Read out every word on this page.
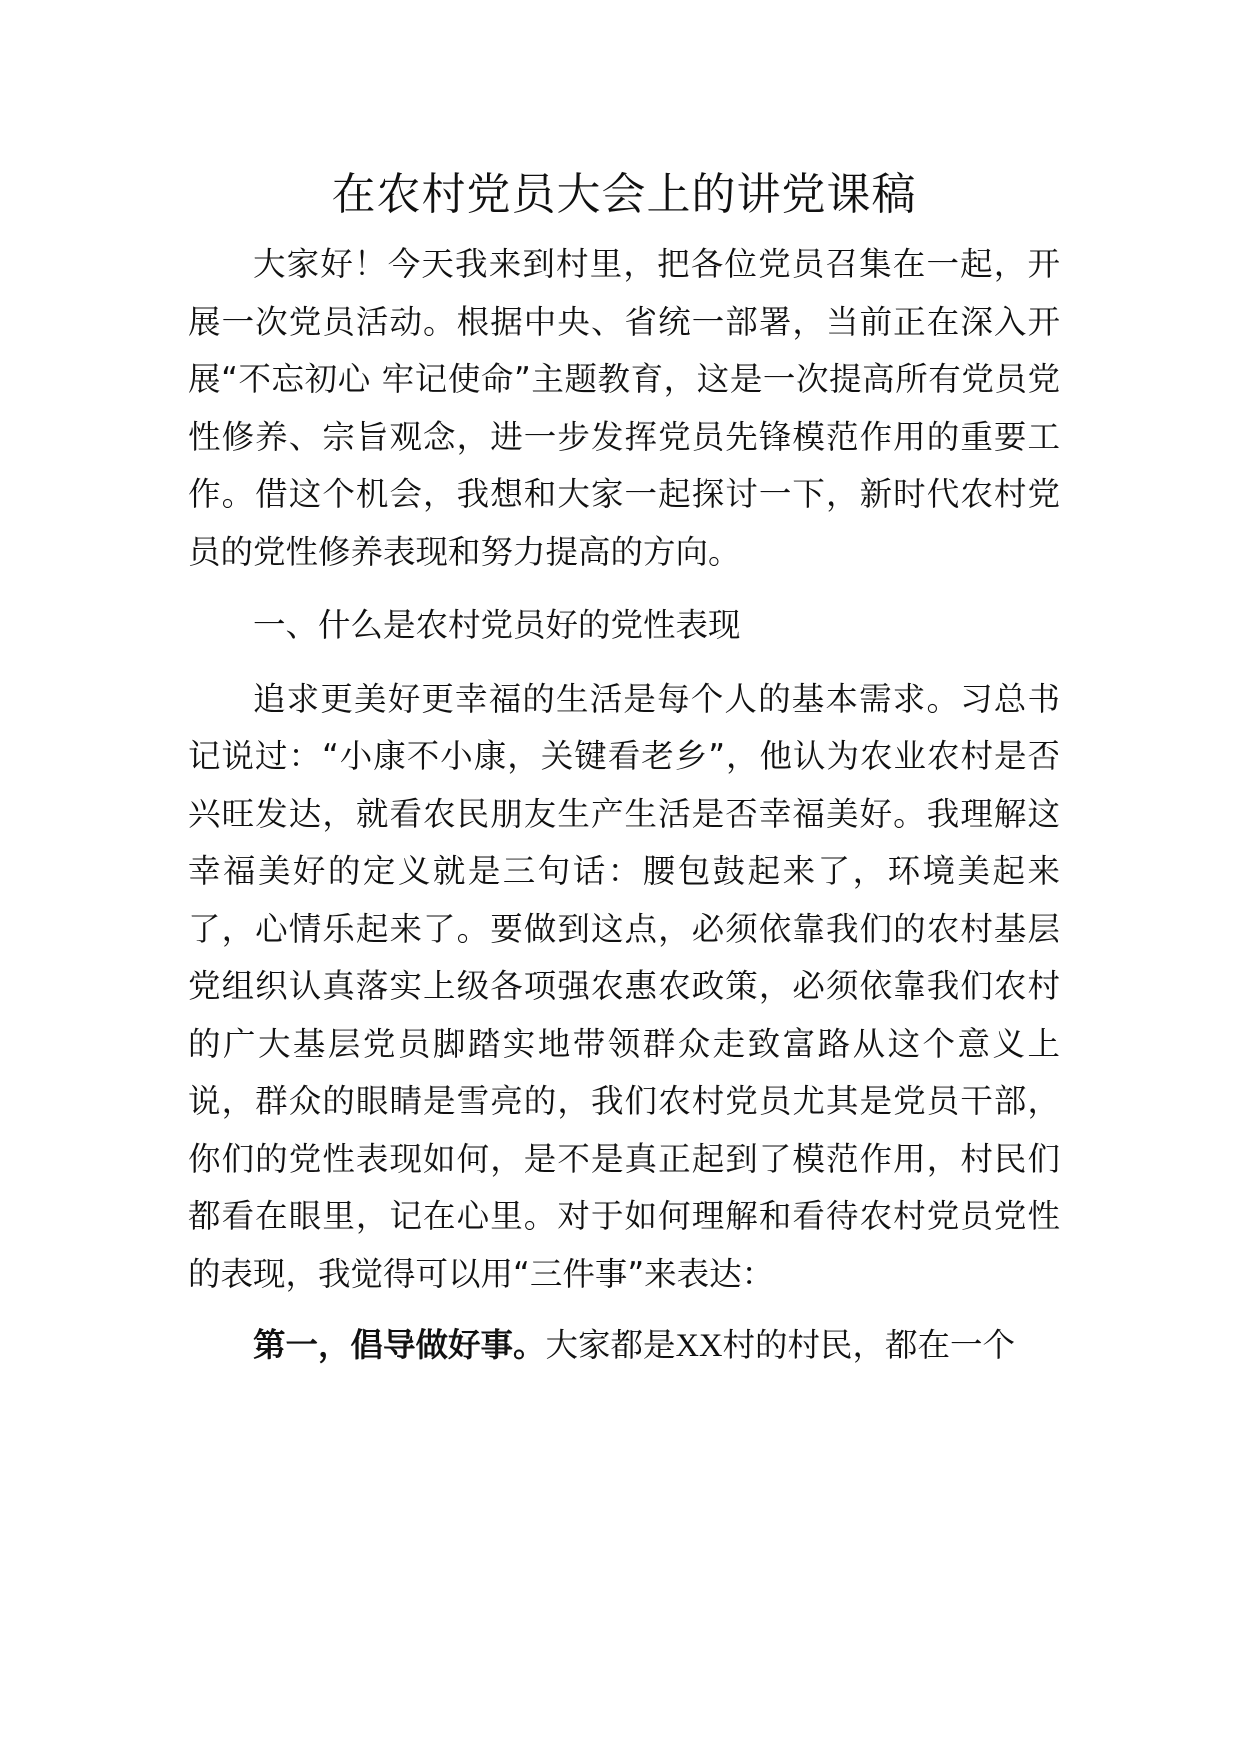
在农村党员大会上的讲党课稿

大家好！今天我来到村里，把各位党员召集在一起，开展一次党员活动。根据中央、省统一部署，当前正在深入开展“不忘初心 牢记使命”主题教育，这是一次提高所有党员党性修养、宗旨观念，进一步发挥党员先锋模范作用的重要工作。借这个机会，我想和大家一起探讨一下，新时代农村党员的党性修养表现和努力提高的方向。

一、什么是农村党员好的党性表现

追求更美好更幸福的生活是每个人的基本需求。习总书记说过：“小康不小康，关键看老乡”，他认为农业农村是否兴旺发达，就看农民朋友生产生活是否幸福美好。我理解这幸福美好的定义就是三句话：腰包鼓起来了，环境美起来了，心情乐起来了。要做到这点，必须依靠我们的农村基层党组织认真落实上级各项强农惠农政策，必须依靠我们农村的广大基层党员脚踏实地带领群众走致富路从这个意义上说，群众的眼睛是雪亮的，我们农村党员尤其是党员干部，你们的党性表现如何，是不是真正起到了模范作用，村民们都看在眼里，记在心里。对于如何理解和看待农村党员党性的表现，我觉得可以用“三件事”来表达：

第一，倡导做好事。大家都是XX村的村民，都在一个
